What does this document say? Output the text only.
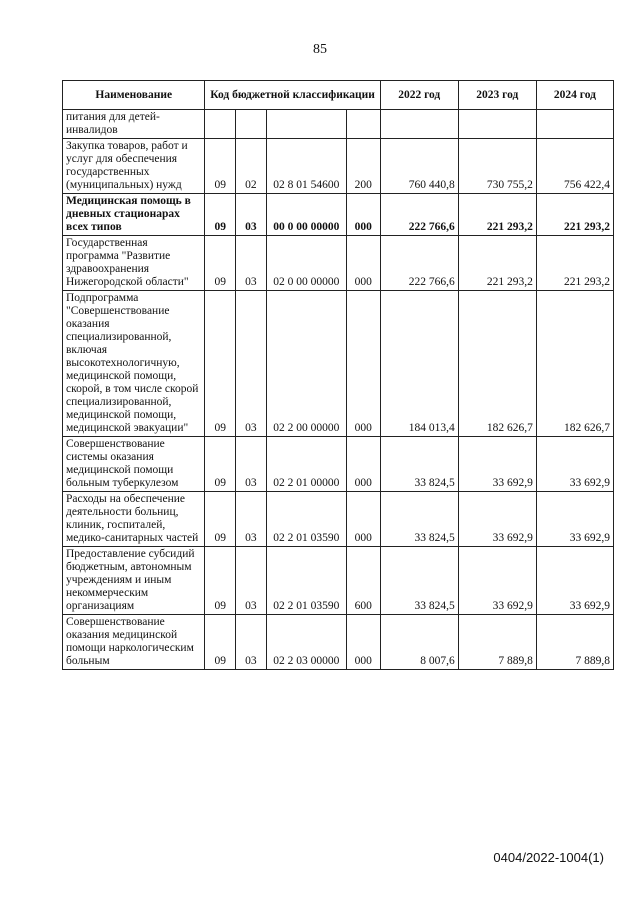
85
Наименование	Код бюджетной классификации				2022 год	2023 год	2024 год
питания для детей-инвалидов							
Закупка товаров, работ и услуг для обеспечения государственных (муниципальных) нужд	09	02	02 8 01 54600	200	760 440,8	730 755,2	756 422,4
Медицинская помощь в дневных стационарах всех типов	09	03	00 0 00 00000	000	222 766,6	221 293,2	221 293,2
Государственная программа "Развитие здравоохранения Нижегородской области"	09	03	02 0 00 00000	000	222 766,6	221 293,2	221 293,2
Подпрограмма "Совершенствование оказания специализированной, включая высокотехнологичную, медицинской помощи, скорой, в том числе скорой специализированной, медицинской помощи, медицинской эвакуации"	09	03	02 2 00 00000	000	184 013,4	182 626,7	182 626,7
Совершенствование системы оказания медицинской помощи больным туберкулезом	09	03	02 2 01 00000	000	33 824,5	33 692,9	33 692,9
Расходы на обеспечение деятельности больниц, клиник, госпиталей, медико-санитарных частей	09	03	02 2 01 03590	000	33 824,5	33 692,9	33 692,9
Предоставление субсидий бюджетным, автономным учреждениям и иным некоммерческим организациям	09	03	02 2 01 03590	600	33 824,5	33 692,9	33 692,9
Совершенствование оказания медицинской помощи наркологическим больным	09	03	02 2 03 00000	000	8 007,6	7 889,8	7 889,8
0404/2022-1004(1)
